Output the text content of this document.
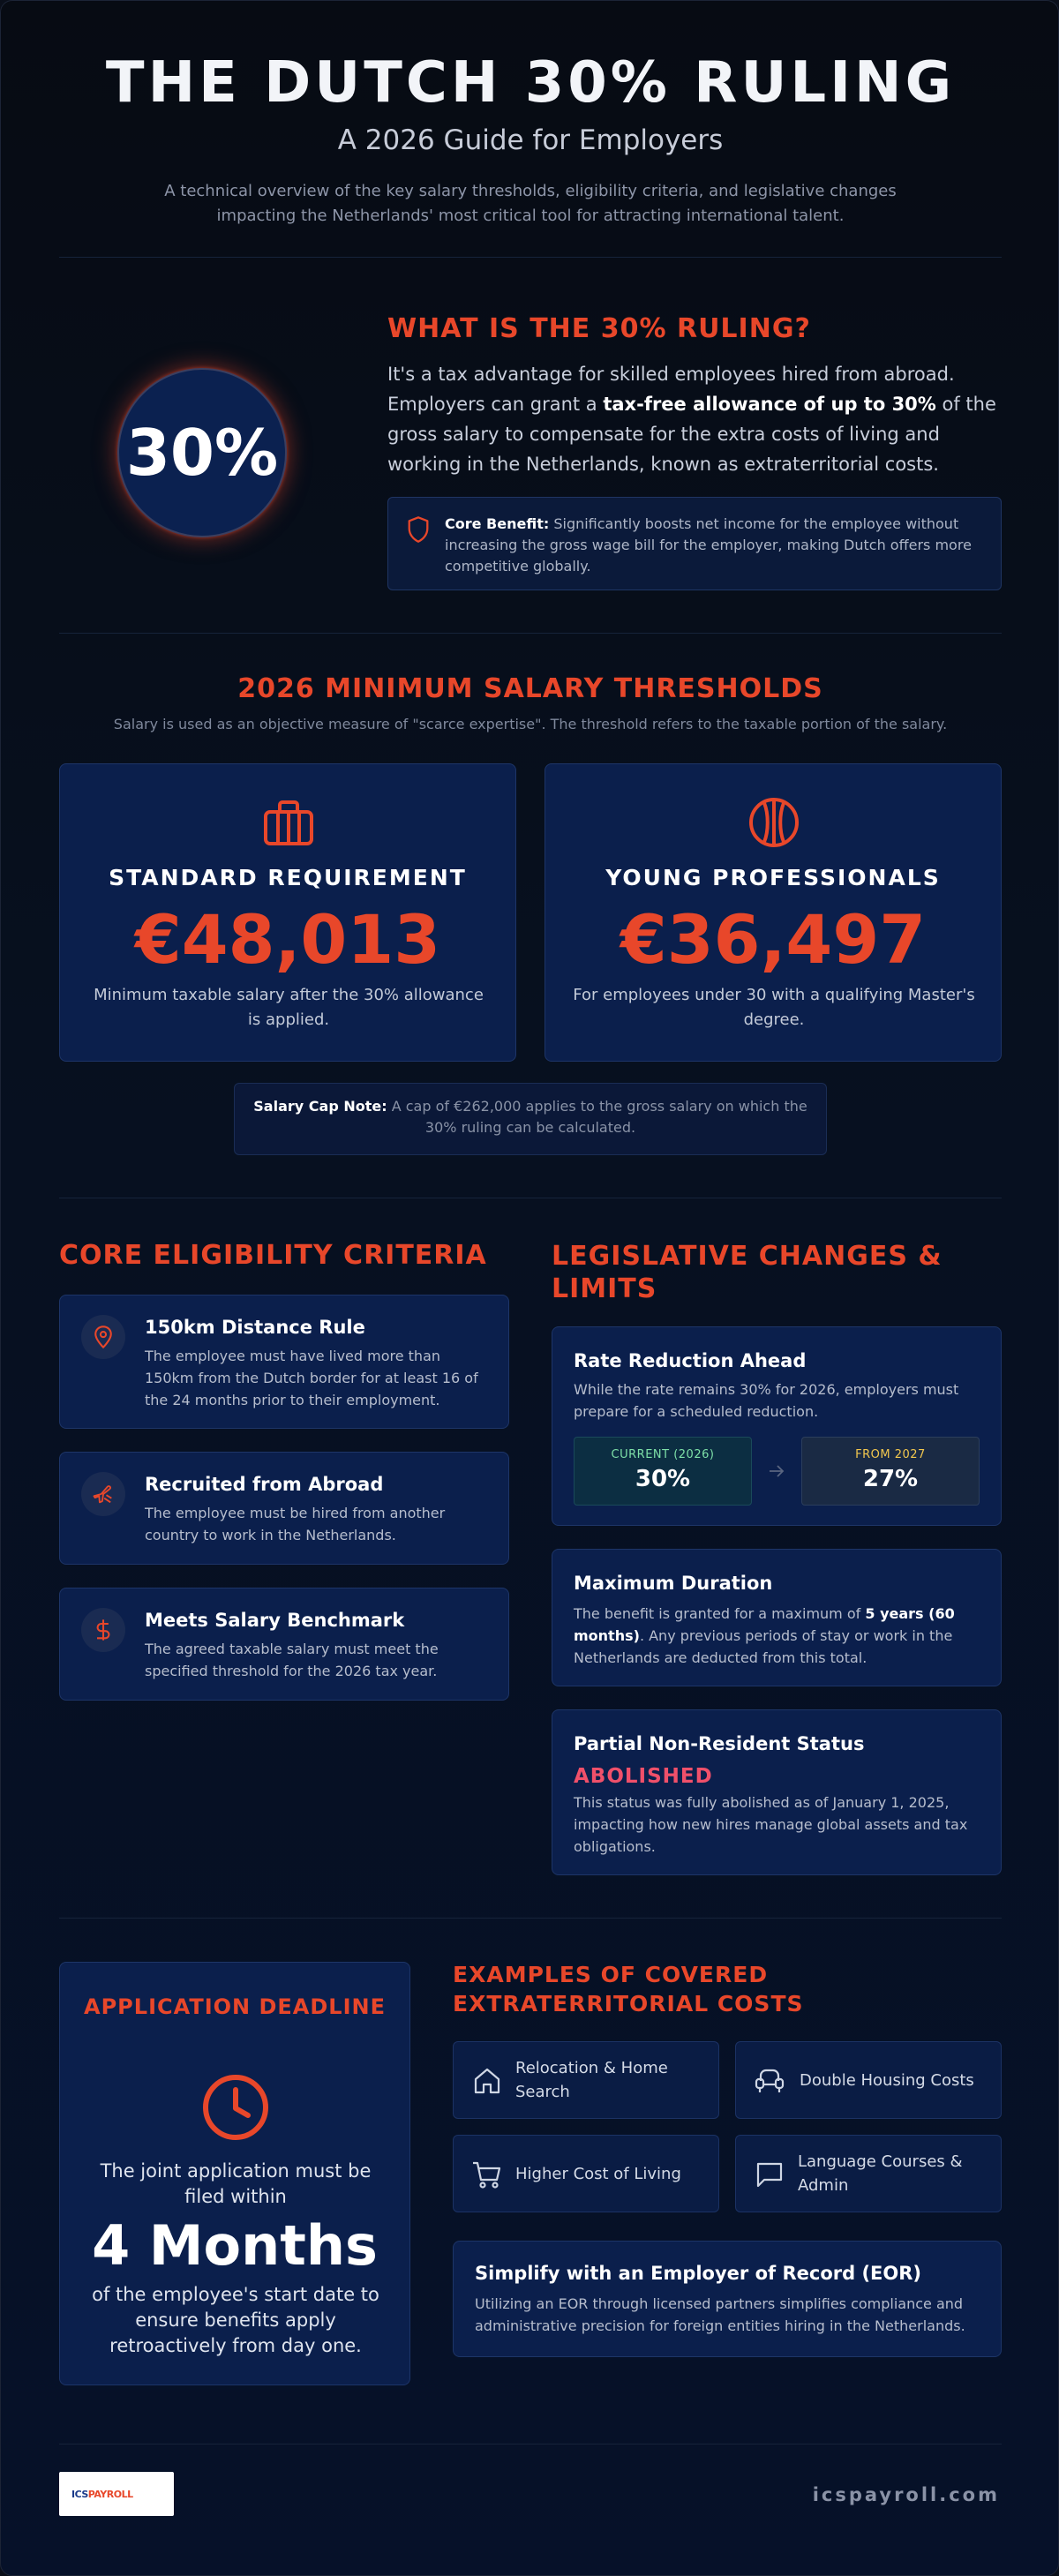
THE DUTCH 30% RULING
A 2026 Guide for Employers
A technical overview of the key salary thresholds, eligibility criteria, and legislative changes impacting the Netherlands' most critical tool for attracting international talent.
30%
WHAT IS THE 30% RULING?
It's a tax advantage for skilled employees hired from abroad. Employers can grant a tax-free allowance of up to 30% of the gross salary to compensate for the extra costs of living and working in the Netherlands, known as extraterritorial costs.
Core Benefit: Significantly boosts net income for the employee without increasing the gross wage bill for the employer, making Dutch offers more competitive globally.
2026 MINIMUM SALARY THRESHOLDS
Salary is used as an objective measure of "scarce expertise". The threshold refers to the taxable portion of the salary.
STANDARD REQUIREMENT
€48,013
Minimum taxable salary after the 30% allowance is applied.
YOUNG PROFESSIONALS
€36,497
For employees under 30 with a qualifying Master's degree.
Salary Cap Note: A cap of €262,000 applies to the gross salary on which the 30% ruling can be calculated.
CORE ELIGIBILITY CRITERIA
150km Distance Rule
The employee must have lived more than 150km from the Dutch border for at least 16 of the 24 months prior to their employment.
Recruited from Abroad
The employee must be hired from another country to work in the Netherlands.
Meets Salary Benchmark
The agreed taxable salary must meet the specified threshold for the 2026 tax year.
LEGISLATIVE CHANGES & LIMITS
Rate Reduction Ahead
While the rate remains 30% for 2026, employers must prepare for a scheduled reduction.
CURRENT (2026)
30%
FROM 2027
27%
Maximum Duration
The benefit is granted for a maximum of 5 years (60 months). Any previous periods of stay or work in the Netherlands are deducted from this total.
Partial Non-Resident Status
ABOLISHED
This status was fully abolished as of January 1, 2025, impacting how new hires manage global assets and tax obligations.
APPLICATION DEADLINE
The joint application must be filed within
4 Months
of the employee's start date to ensure benefits apply retroactively from day one.
EXAMPLES OF COVERED EXTRATERRITORIAL COSTS
Relocation & Home Search
Double Housing Costs
Higher Cost of Living
Language Courses & Admin
Simplify with an Employer of Record (EOR)
Utilizing an EOR through licensed partners simplifies compliance and administrative precision for foreign entities hiring in the Netherlands.
ICS PAYROLL	icspayroll.com
